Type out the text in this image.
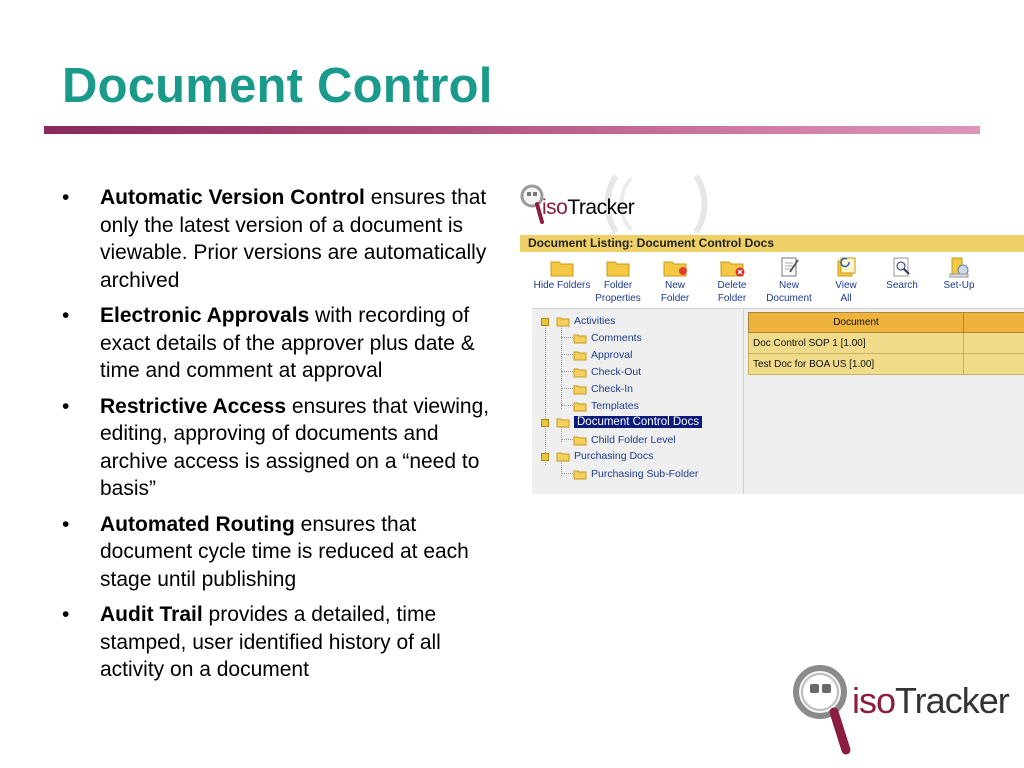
Document Control
• Automatic Version Control ensures that only the latest version of a document is viewable. Prior versions are automatically archived
• Electronic Approvals with recording of exact details of the approver plus date & time and comment at approval
• Restrictive Access ensures that viewing, editing, approving of documents and archive access is assigned on a “need to basis”
• Automated Routing ensures that document cycle time is reduced at each stage until publishing
• Audit Trail provides a detailed, time stamped, user identified history of all activity on a document
isoTracker
Document Listing: Document Control Docs
Hide Folders	Folder
Properties
New
Folder
Delete
Folder
New
Document
View
All
Search	Set-Up

Activities
Comments
Approval
Check-Out
Check-In
Templates
Document Control Docs
Child Folder Level
Purchasing Docs
Purchasing Sub-Folder
Document	
Doc Control SOP 1 [1.00]	
Test Doc for BOA US [1.00]	
isoTracker
